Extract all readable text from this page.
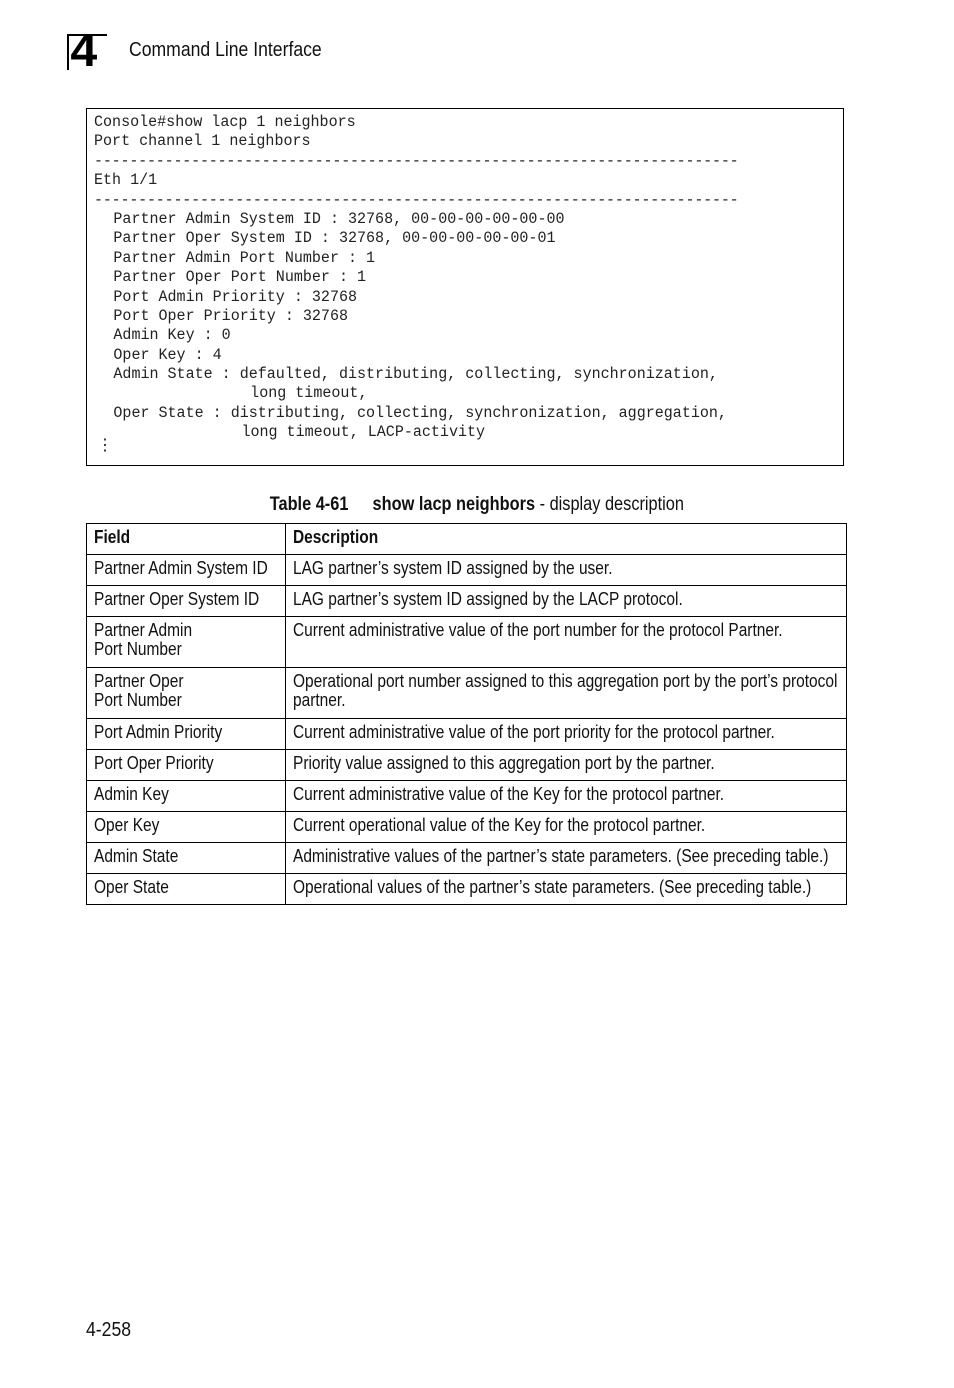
4 Command Line Interface
Console#show lacp 1 neighbors
Port channel 1 neighbors
-------------------------------------------------------------------------
Eth 1/1
-------------------------------------------------------------------------
Partner Admin System ID : 32768, 00-00-00-00-00-00
Partner Oper System ID : 32768, 00-00-00-00-00-01
Partner Admin Port Number : 1
Partner Oper Port Number : 1
Port Admin Priority : 32768
Port Oper Priority : 32768
Admin Key : 0
Oper Key : 4
Admin State : defaulted, distributing, collecting, synchronization,
long timeout,
Oper State : distributing, collecting, synchronization, aggregation,
long timeout, LACP-activity
⋮
Table 4-61 show lacp neighbors - display description
Field	Description

Partner Admin System ID	LAG partner’s system ID assigned by the user.

Partner Oper System ID	LAG partner’s system ID assigned by the LACP protocol.

Partner Admin
Port Number	Current administrative value of the port number for the protocol Partner.

Partner Oper
Port Number	Operational port number assigned to this aggregation port by the port’s protocol partner.

Port Admin Priority	Current administrative value of the port priority for the protocol partner.

Port Oper Priority	Priority value assigned to this aggregation port by the partner.

Admin Key	Current administrative value of the Key for the protocol partner.

Oper Key	Current operational value of the Key for the protocol partner.

Admin State	Administrative values of the partner’s state parameters. (See preceding table.)

Oper State	Operational values of the partner’s state parameters. (See preceding table.)
4-258
